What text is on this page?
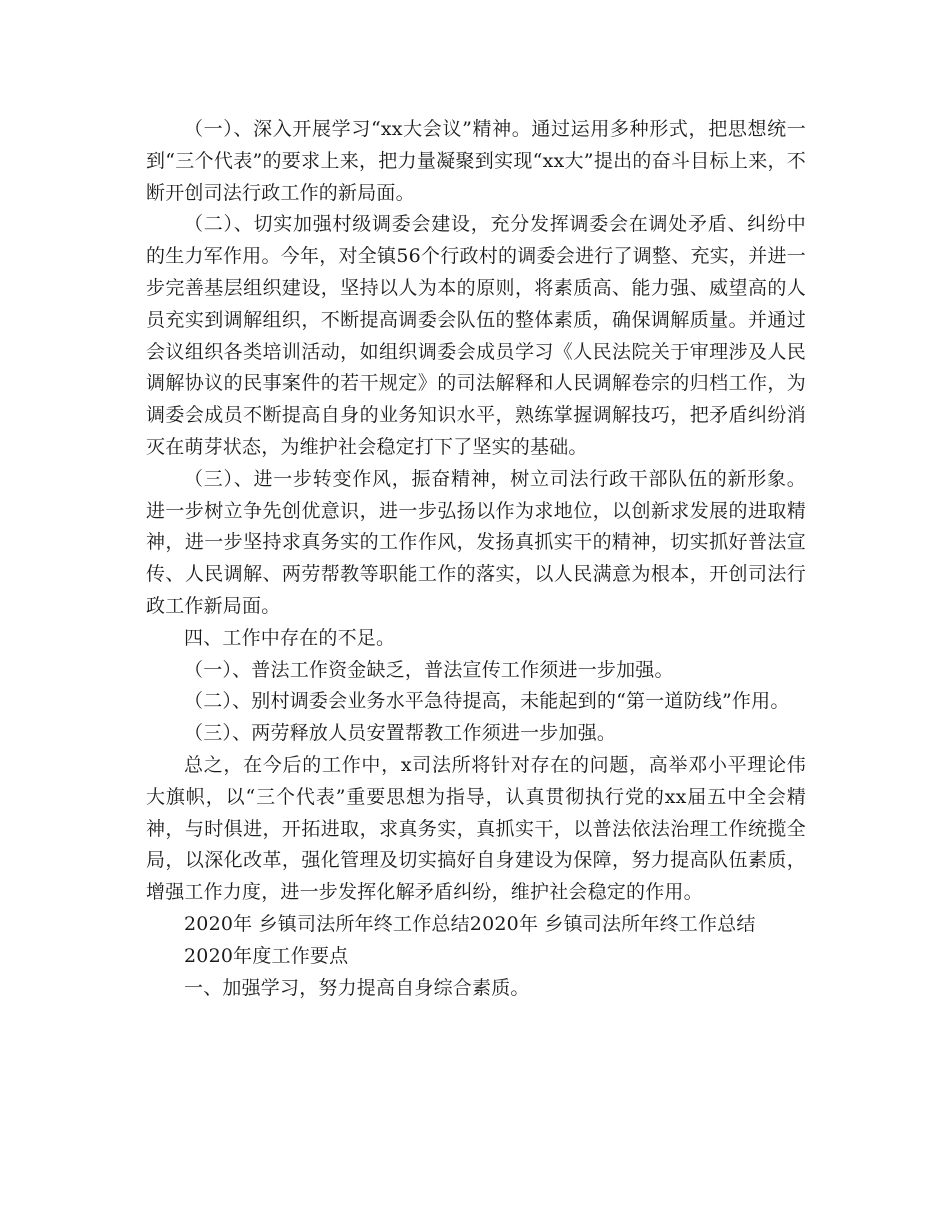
（一）、深入开展学习“xx大会议”精神。通过运用多种形式，把思想统一到“三个代表”的要求上来，把力量凝聚到实现“xx大”提出的奋斗目标上来，不断开创司法行政工作的新局面。

（二）、切实加强村级调委会建设，充分发挥调委会在调处矛盾、纠纷中的生力军作用。今年，对全镇56个行政村的调委会进行了调整、充实，并进一步完善基层组织建设，坚持以人为本的原则，将素质高、能力强、威望高的人员充实到调解组织，不断提高调委会队伍的整体素质，确保调解质量。并通过会议组织各类培训活动，如组织调委会成员学习《人民法院关于审理涉及人民调解协议的民事案件的若干规定》的司法解释和人民调解卷宗的归档工作，为调委会成员不断提高自身的业务知识水平，熟练掌握调解技巧，把矛盾纠纷消灭在萌芽状态，为维护社会稳定打下了坚实的基础。

（三）、进一步转变作风，振奋精神，树立司法行政干部队伍的新形象。进一步树立争先创优意识，进一步弘扬以作为求地位，以创新求发展的进取精神，进一步坚持求真务实的工作作风，发扬真抓实干的精神，切实抓好普法宣传、人民调解、两劳帮教等职能工作的落实，以人民满意为根本，开创司法行政工作新局面。

四、工作中存在的不足。

（一）、普法工作资金缺乏，普法宣传工作须进一步加强。

（二）、别村调委会业务水平急待提高，未能起到的“第一道防线”作用。

（三）、两劳释放人员安置帮教工作须进一步加强。

总之，在今后的工作中，x司法所将针对存在的问题，高举邓小平理论伟大旗帜，以“三个代表”重要思想为指导，认真贯彻执行党的xx届五中全会精神，与时俱进，开拓进取，求真务实，真抓实干，以普法依法治理工作统揽全局，以深化改革，强化管理及切实搞好自身建设为保障，努力提高队伍素质，增强工作力度，进一步发挥化解矛盾纠纷，维护社会稳定的作用。

2020年 乡镇司法所年终工作总结2020年 乡镇司法所年终工作总结

2020年度工作要点

一、加强学习，努力提高自身综合素质。
